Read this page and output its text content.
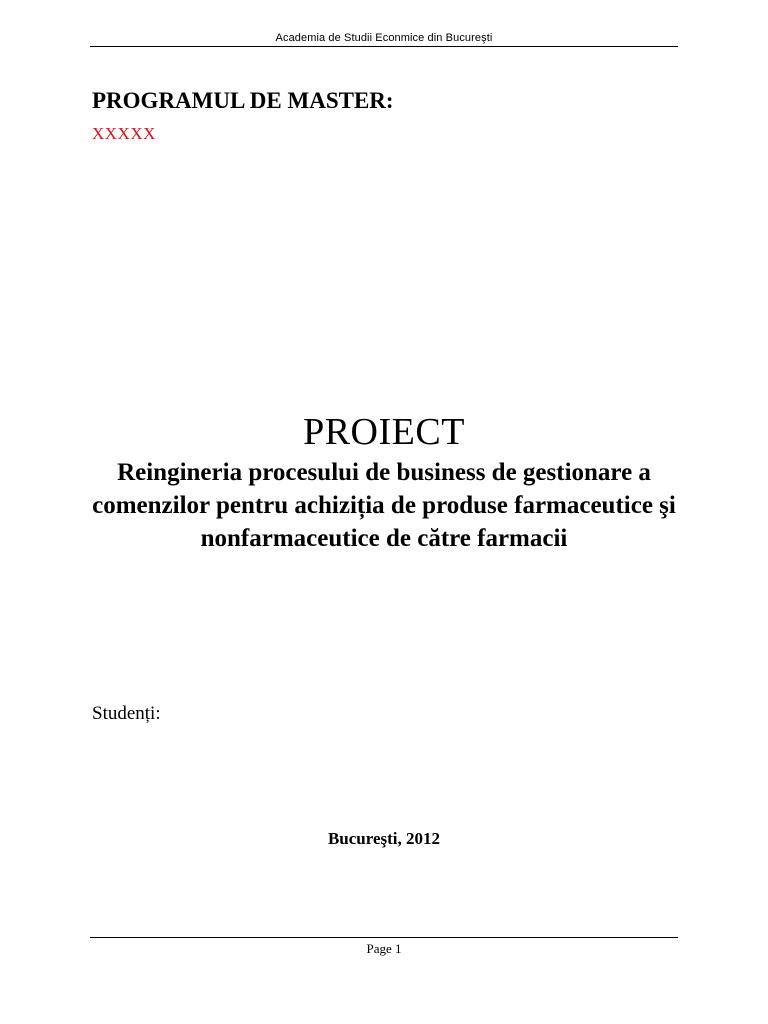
Academia de Studii Econmice din Bucureşti
PROGRAMUL DE MASTER:
XXXXX
PROIECT
Reingineria procesului de business de gestionare a comenzilor pentru achiziția de produse farmaceutice şi nonfarmaceutice de către farmacii
Studenți:
Bucureşti, 2012
Page 1
